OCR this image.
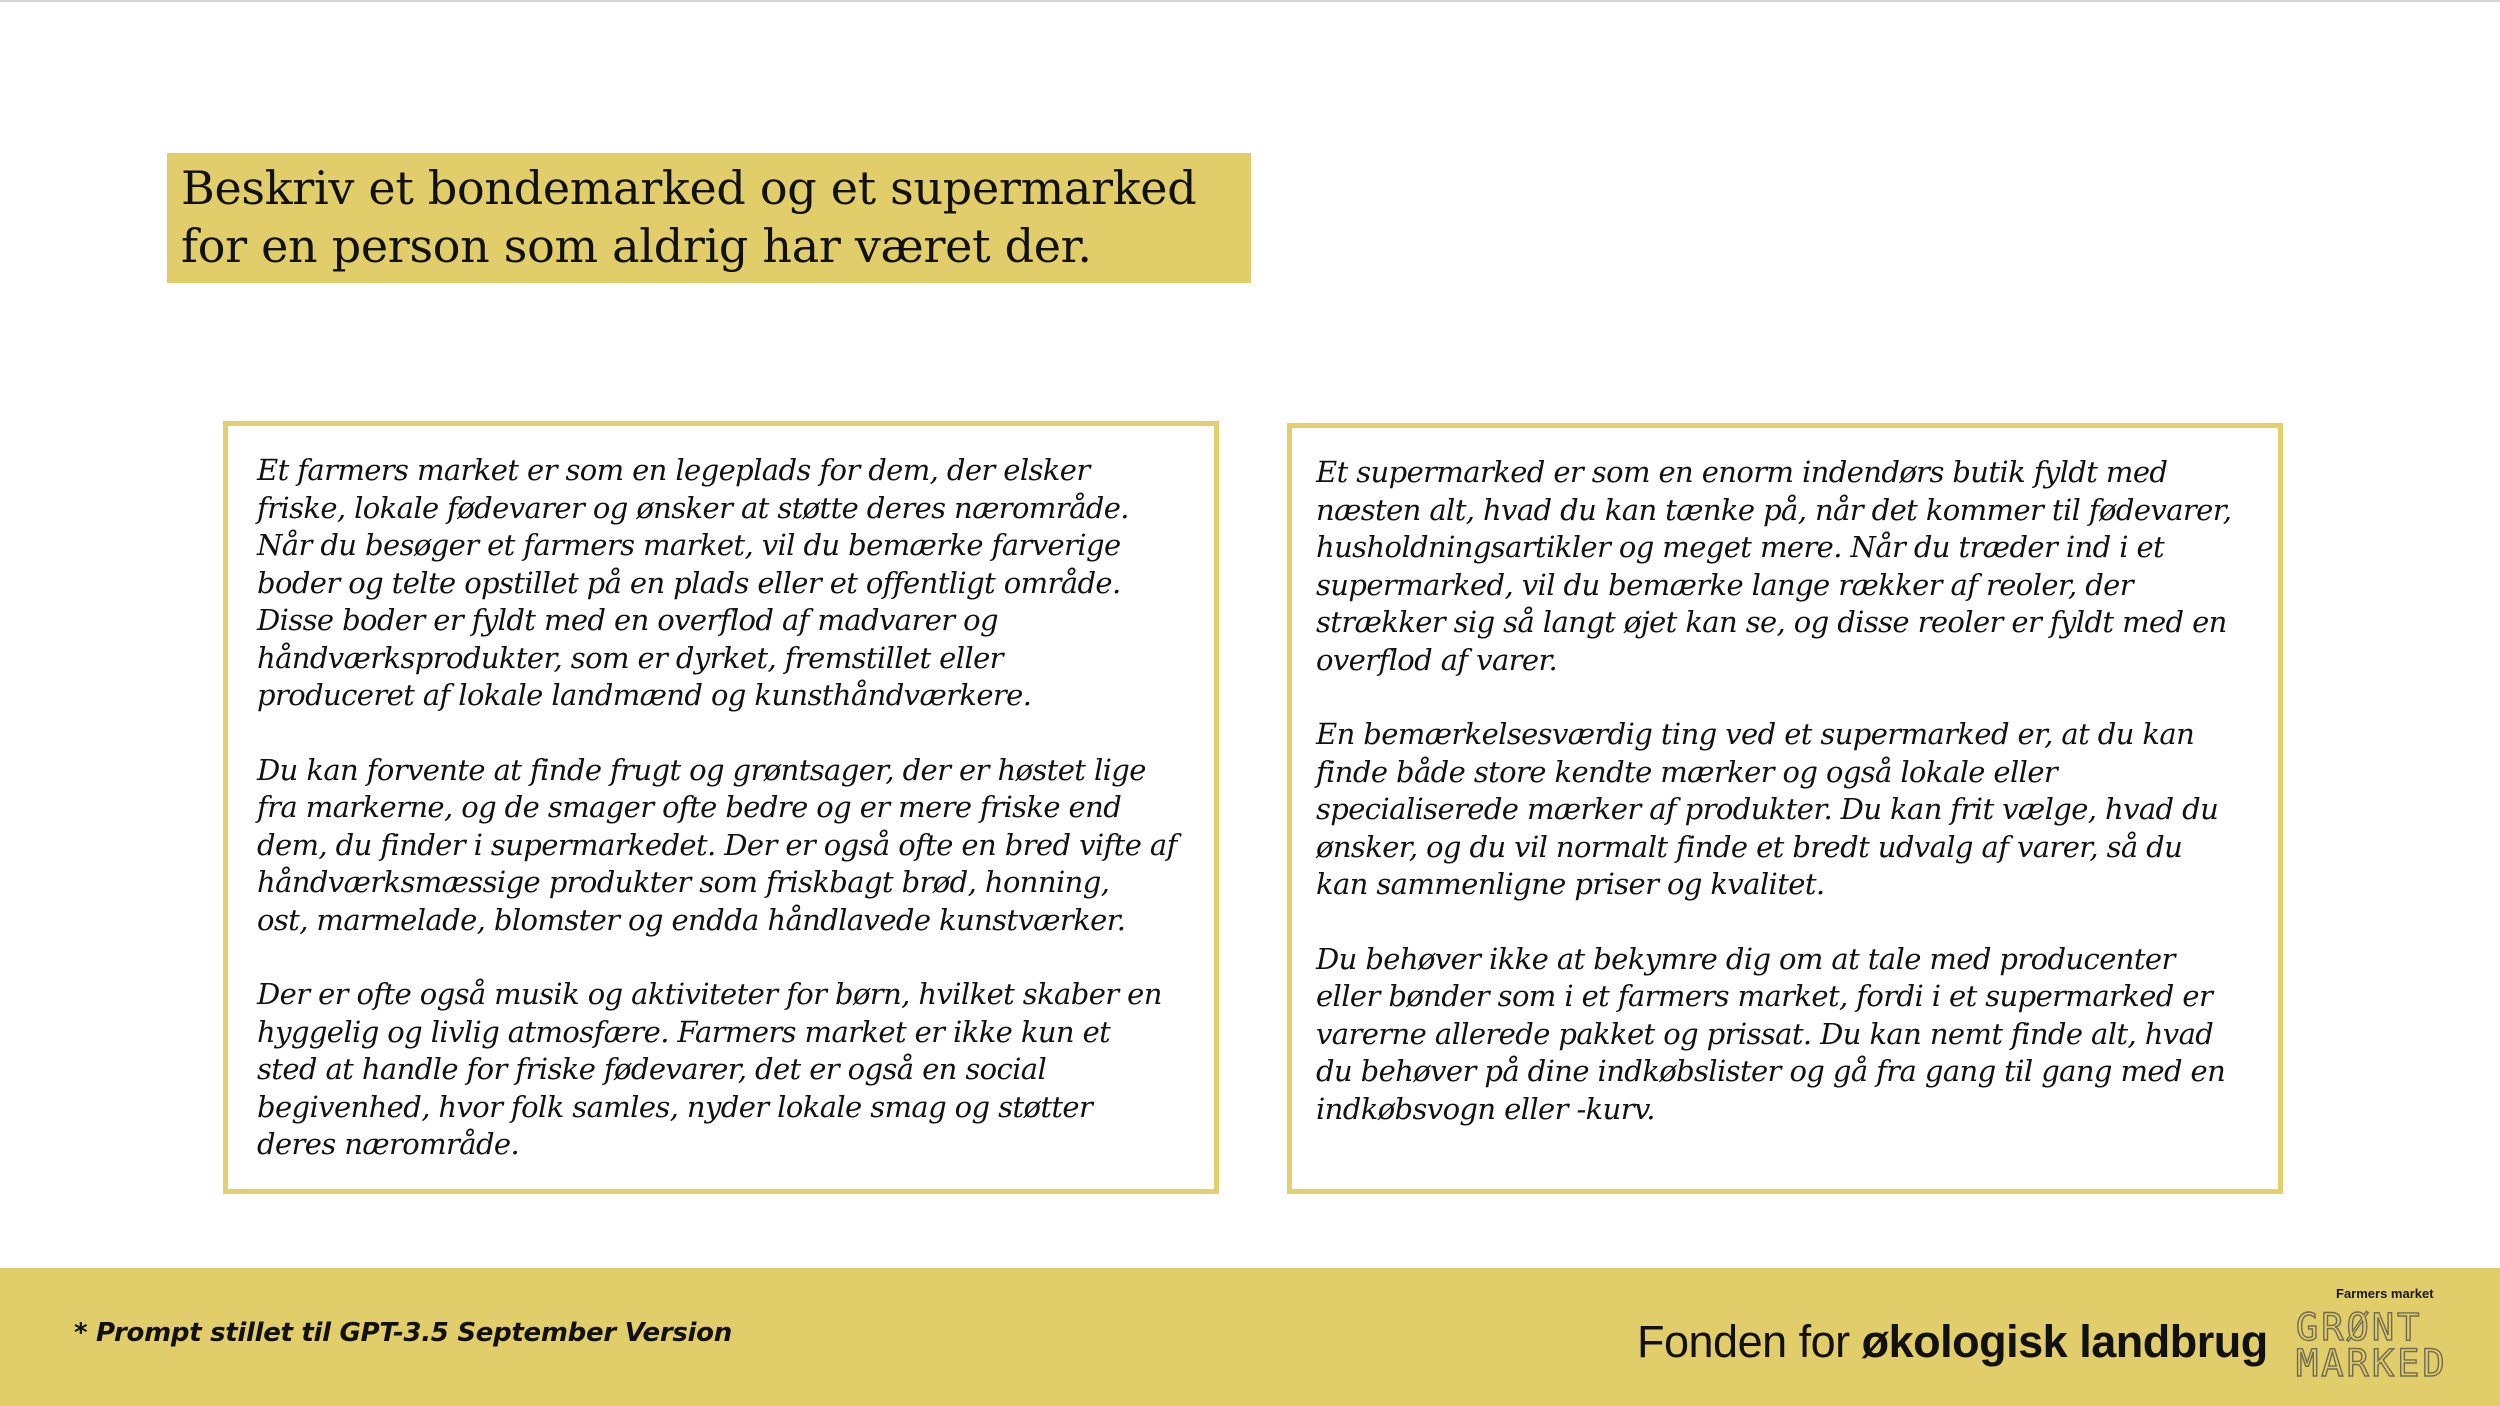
Beskriv et bondemarked og et supermarked
for en person som aldrig har været der.

Et farmers market er som en legeplads for dem, der elsker
friske, lokale fødevarer og ønsker at støtte deres nærområde.
Når du besøger et farmers market, vil du bemærke farverige
boder og telte opstillet på en plads eller et offentligt område.
Disse boder er fyldt med en overflod af madvarer og
håndværksprodukter, som er dyrket, fremstillet eller
produceret af lokale landmænd og kunsthåndværkere.

Du kan forvente at finde frugt og grøntsager, der er høstet lige
fra markerne, og de smager ofte bedre og er mere friske end
dem, du finder i supermarkedet. Der er også ofte en bred vifte af
håndværksmæssige produkter som friskbagt brød, honning,
ost, marmelade, blomster og endda håndlavede kunstværker.

Der er ofte også musik og aktiviteter for børn, hvilket skaber en
hyggelig og livlig atmosfære. Farmers market er ikke kun et
sted at handle for friske fødevarer, det er også en social
begivenhed, hvor folk samles, nyder lokale smag og støtter
deres nærområde.

Et supermarked er som en enorm indendørs butik fyldt med
næsten alt, hvad du kan tænke på, når det kommer til fødevarer,
husholdningsartikler og meget mere. Når du træder ind i et
supermarked, vil du bemærke lange rækker af reoler, der
strækker sig så langt øjet kan se, og disse reoler er fyldt med en
overflod af varer.

En bemærkelsesværdig ting ved et supermarked er, at du kan
finde både store kendte mærker og også lokale eller
specialiserede mærker af produkter. Du kan frit vælge, hvad du
ønsker, og du vil normalt finde et bredt udvalg af varer, så du
kan sammenligne priser og kvalitet.

Du behøver ikke at bekymre dig om at tale med producenter
eller bønder som i et farmers market, fordi i et supermarked er
varerne allerede pakket og prissat. Du kan nemt finde alt, hvad
du behøver på dine indkøbslister og gå fra gang til gang med en
indkøbsvogn eller -kurv.

* Prompt stillet til GPT-3.5 September Version	Fonden for økologisk landbrug
Farmers market
GRØNT
MARKED
